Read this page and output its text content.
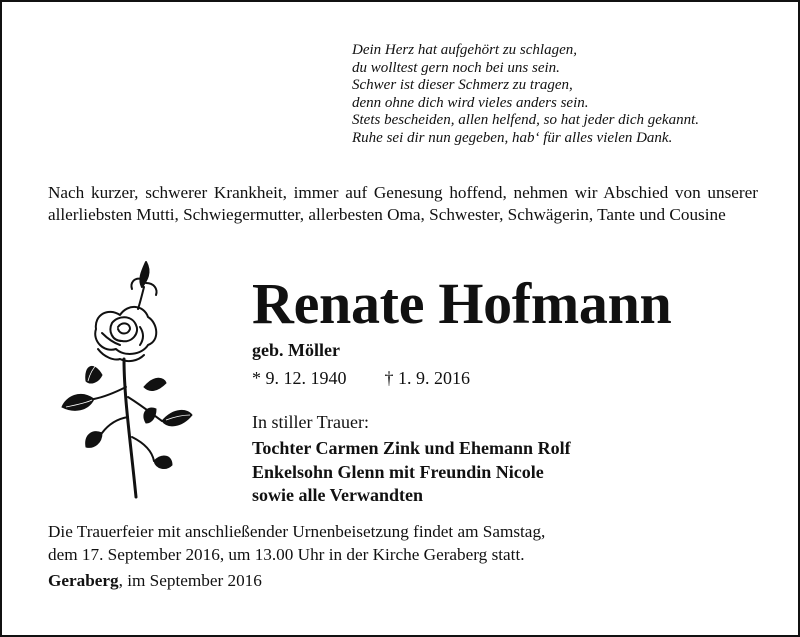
Dein Herz hat aufgehört zu schlagen,
du wolltest gern noch bei uns sein.
Schwer ist dieser Schmerz zu tragen,
denn ohne dich wird vieles anders sein.
Stets bescheiden, allen helfend, so hat jeder dich gekannt.
Ruhe sei dir nun gegeben, hab‘ für alles vielen Dank.
Nach kurzer, schwerer Krankheit, immer auf Genesung hoffend, nehmen wir Abschied von unserer allerliebsten Mutti, Schwiegermutter, allerbesten Oma, Schwester, Schwägerin, Tante und Cousine
Renate Hofmann
geb. Möller
* 9. 12. 1940 † 1. 9. 2016
In stiller Trauer:
Tochter Carmen Zink und Ehemann Rolf
Enkelsohn Glenn mit Freundin Nicole
sowie alle Verwandten
Die Trauerfeier mit anschließender Urnenbeisetzung findet am Samstag,
dem 17. September 2016, um 13.00 Uhr in der Kirche Geraberg statt.
Geraberg, im September 2016
